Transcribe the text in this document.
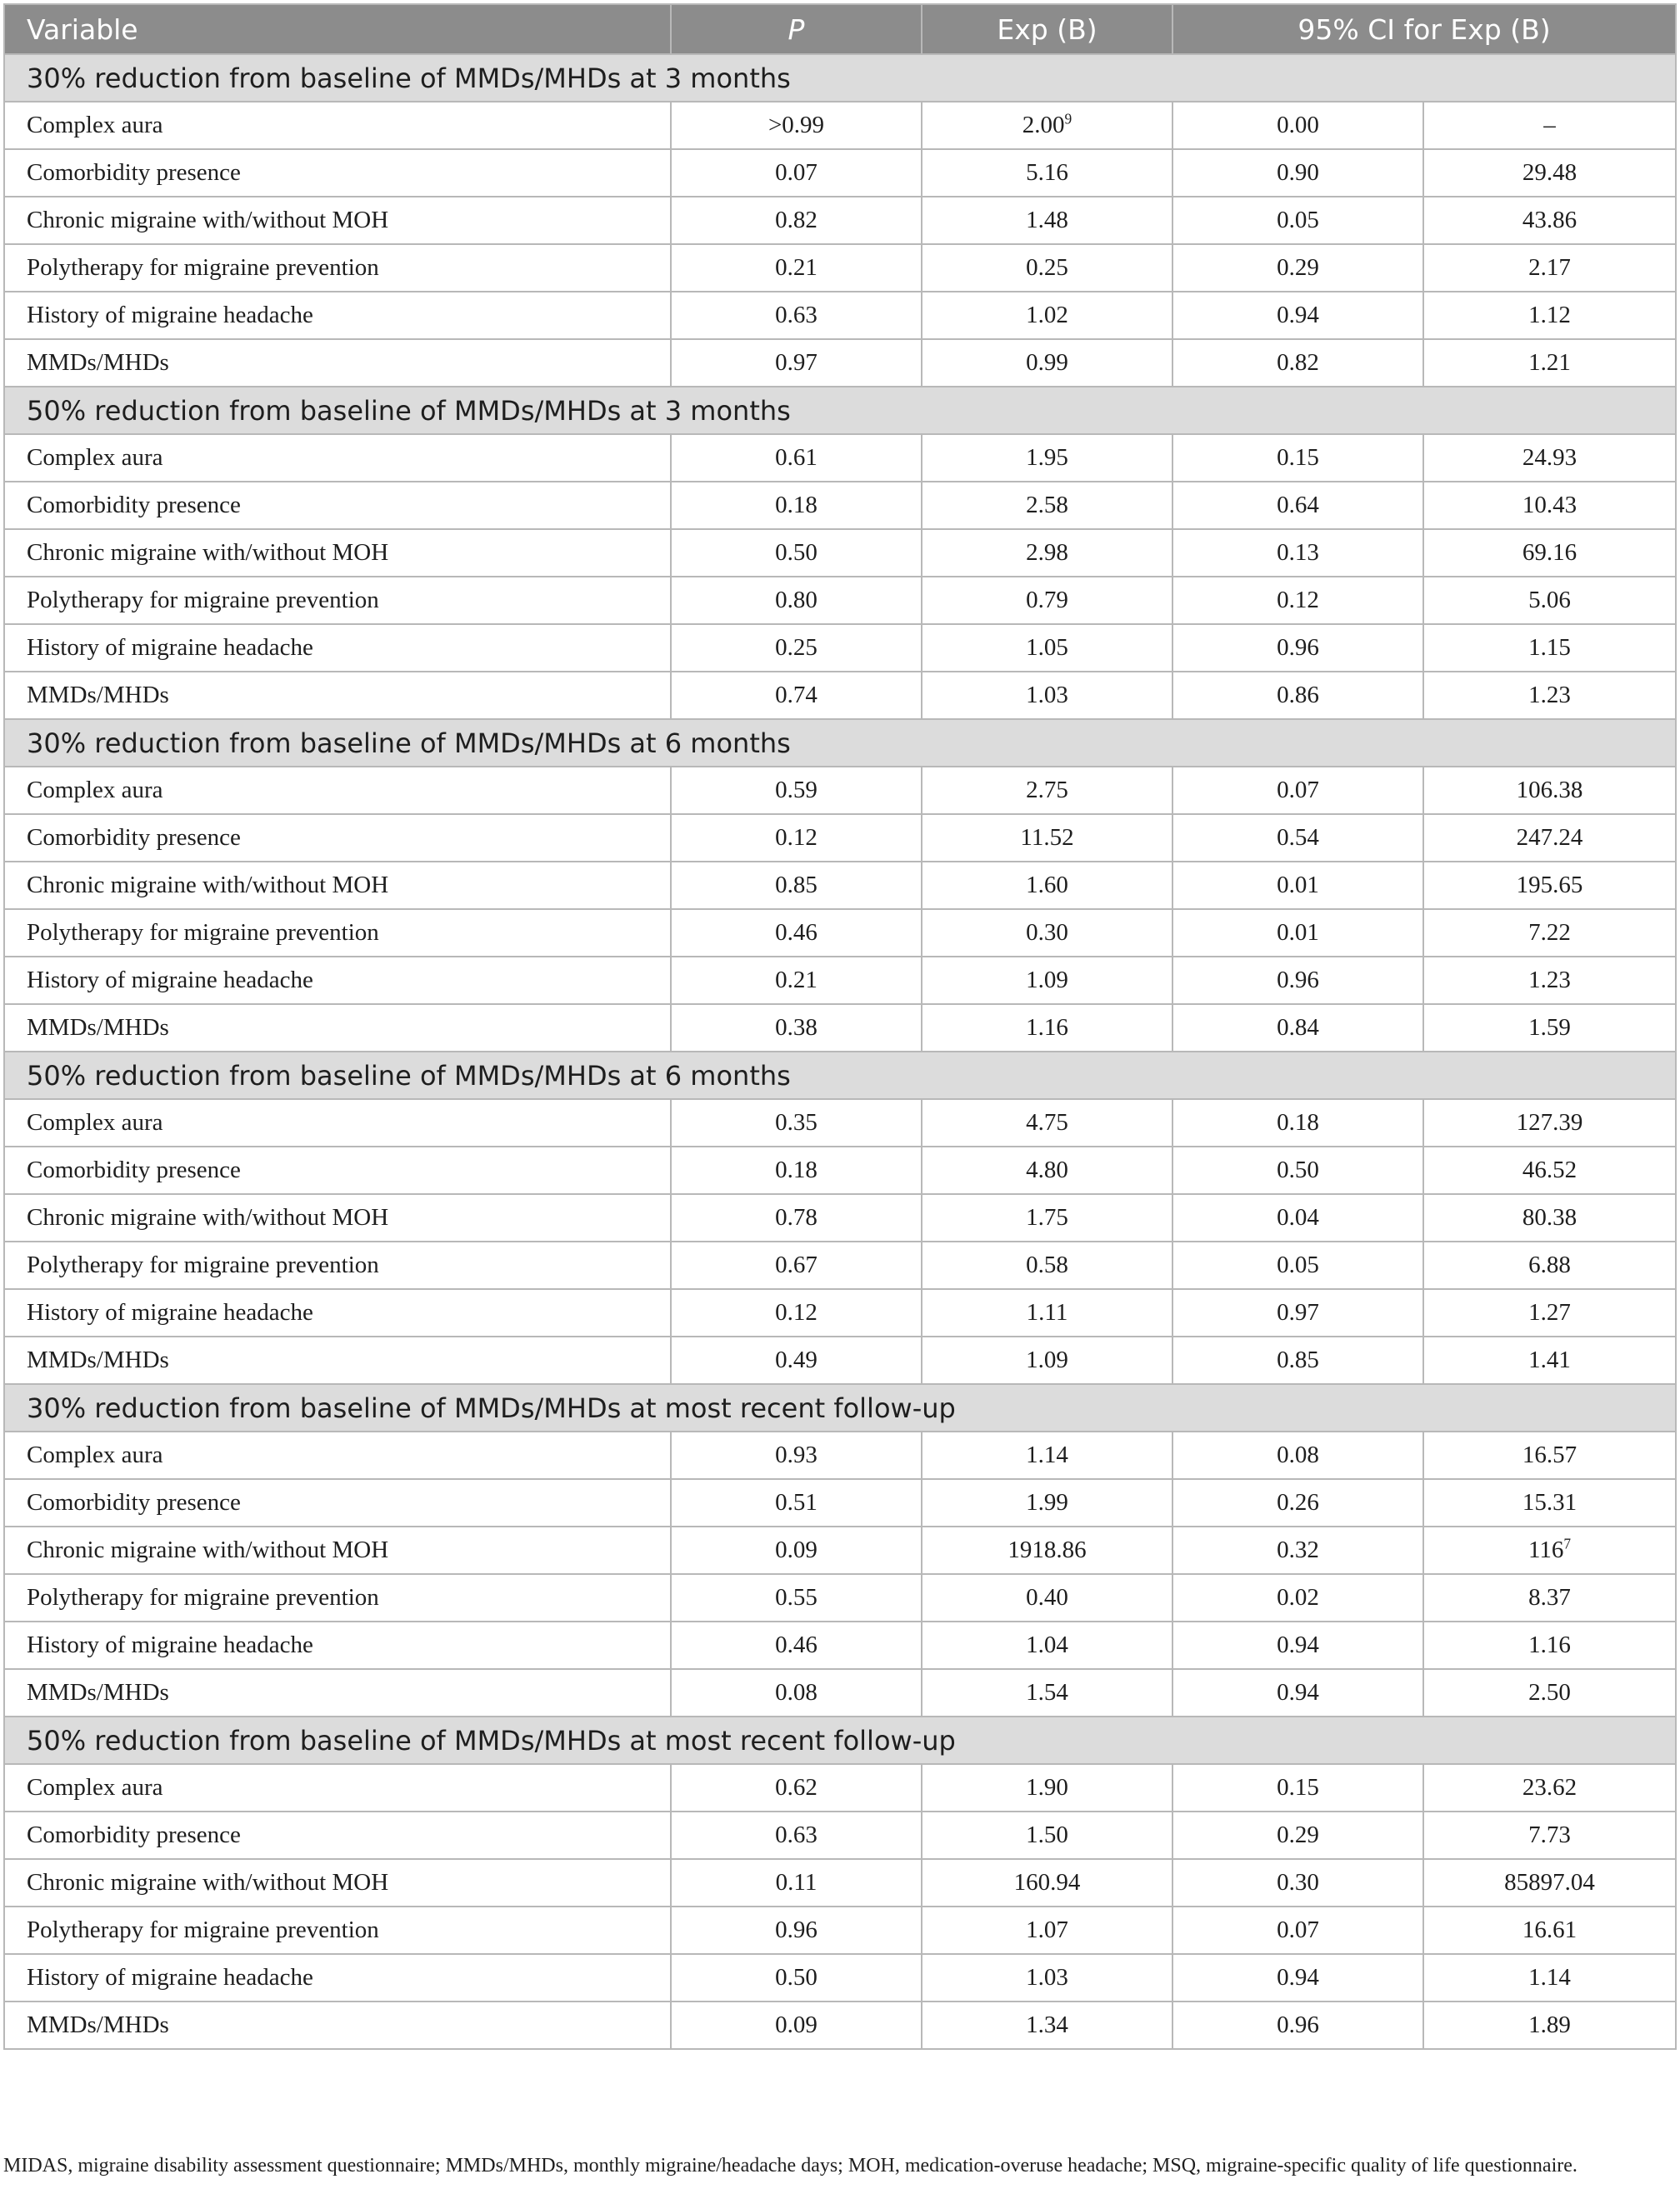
Variable	P	Exp (B)	95% CI for Exp (B)	
30% reduction from baseline of MMDs/MHDs at 3 months				
Complex aura	>0.99	2.00$^9$	0.00	–
Comorbidity presence	0.07	5.16	0.90	29.48
Chronic migraine with/without MOH	0.82	1.48	0.05	43.86
Polytherapy for migraine prevention	0.21	0.25	0.29	2.17
History of migraine headache	0.63	1.02	0.94	1.12
MMDs/MHDs	0.97	0.99	0.82	1.21
50% reduction from baseline of MMDs/MHDs at 3 months				
Complex aura	0.61	1.95	0.15	24.93
Comorbidity presence	0.18	2.58	0.64	10.43
Chronic migraine with/without MOH	0.50	2.98	0.13	69.16
Polytherapy for migraine prevention	0.80	0.79	0.12	5.06
History of migraine headache	0.25	1.05	0.96	1.15
MMDs/MHDs	0.74	1.03	0.86	1.23
30% reduction from baseline of MMDs/MHDs at 6 months				
Complex aura	0.59	2.75	0.07	106.38
Comorbidity presence	0.12	11.52	0.54	247.24
Chronic migraine with/without MOH	0.85	1.60	0.01	195.65
Polytherapy for migraine prevention	0.46	0.30	0.01	7.22
History of migraine headache	0.21	1.09	0.96	1.23
MMDs/MHDs	0.38	1.16	0.84	1.59
50% reduction from baseline of MMDs/MHDs at 6 months				
Complex aura	0.35	4.75	0.18	127.39
Comorbidity presence	0.18	4.80	0.50	46.52
Chronic migraine with/without MOH	0.78	1.75	0.04	80.38
Polytherapy for migraine prevention	0.67	0.58	0.05	6.88
History of migraine headache	0.12	1.11	0.97	1.27
MMDs/MHDs	0.49	1.09	0.85	1.41
30% reduction from baseline of MMDs/MHDs at most recent follow-up				
Complex aura	0.93	1.14	0.08	16.57
Comorbidity presence	0.51	1.99	0.26	15.31
Chronic migraine with/without MOH	0.09	1918.86	0.32	$116^7$
Polytherapy for migraine prevention	0.55	0.40	0.02	8.37
History of migraine headache	0.46	1.04	0.94	1.16
MMDs/MHDs	0.08	1.54	0.94	2.50
50% reduction from baseline of MMDs/MHDs at most recent follow-up				
Complex aura	0.62	1.90	0.15	23.62
Comorbidity presence	0.63	1.50	0.29	7.73
Chronic migraine with/without MOH	0.11	160.94	0.30	85897.04
Polytherapy for migraine prevention	0.96	1.07	0.07	16.61
History of migraine headache	0.50	1.03	0.94	1.14
MMDs/MHDs	0.09	1.34	0.96	1.89
MIDAS, migraine disability assessment questionnaire; MMDs/MHDs, monthly migraine/headache days; MOH, medication-overuse headache; MSQ, migraine-specific quality of life questionnaire.
